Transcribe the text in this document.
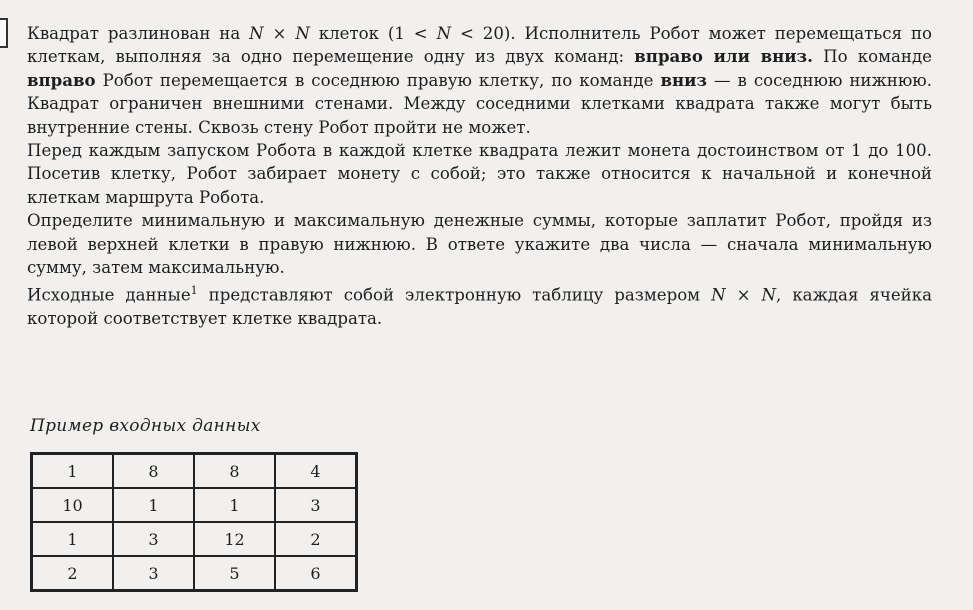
Квадрат разлинован на N × N клеток (1 < N < 20). Исполнитель Робот может перемещаться по клеткам, выполняя за одно перемещение одну из двух команд: вправо или вниз. По команде вправо Робот перемещается в соседнюю правую клетку, по команде вниз — в соседнюю нижнюю. Квадрат ограничен внешними стенами. Между соседними клетками квадрата также могут быть внутренние стены. Сквозь стену Робот пройти не может.

Перед каждым запуском Робота в каждой клетке квадрата лежит монета достоинством от 1 до 100. Посетив клетку, Робот забирает монету с собой; это также относится к начальной и конечной клеткам маршрута Робота.

Определите минимальную и максимальную денежные суммы, которые заплатит Робот, пройдя из левой верхней клетки в правую нижнюю. В ответе укажите два числа — сначала минимальную сумму, затем максимальную.

Исходные данные$^1$ представляют собой электронную таблицу размером N × N, каждая ячейка которой соответствует клетке квадрата.

Пример входных данных
1	8	8	4
10	1	1	3
1	3	12	2
2	3	5	6
